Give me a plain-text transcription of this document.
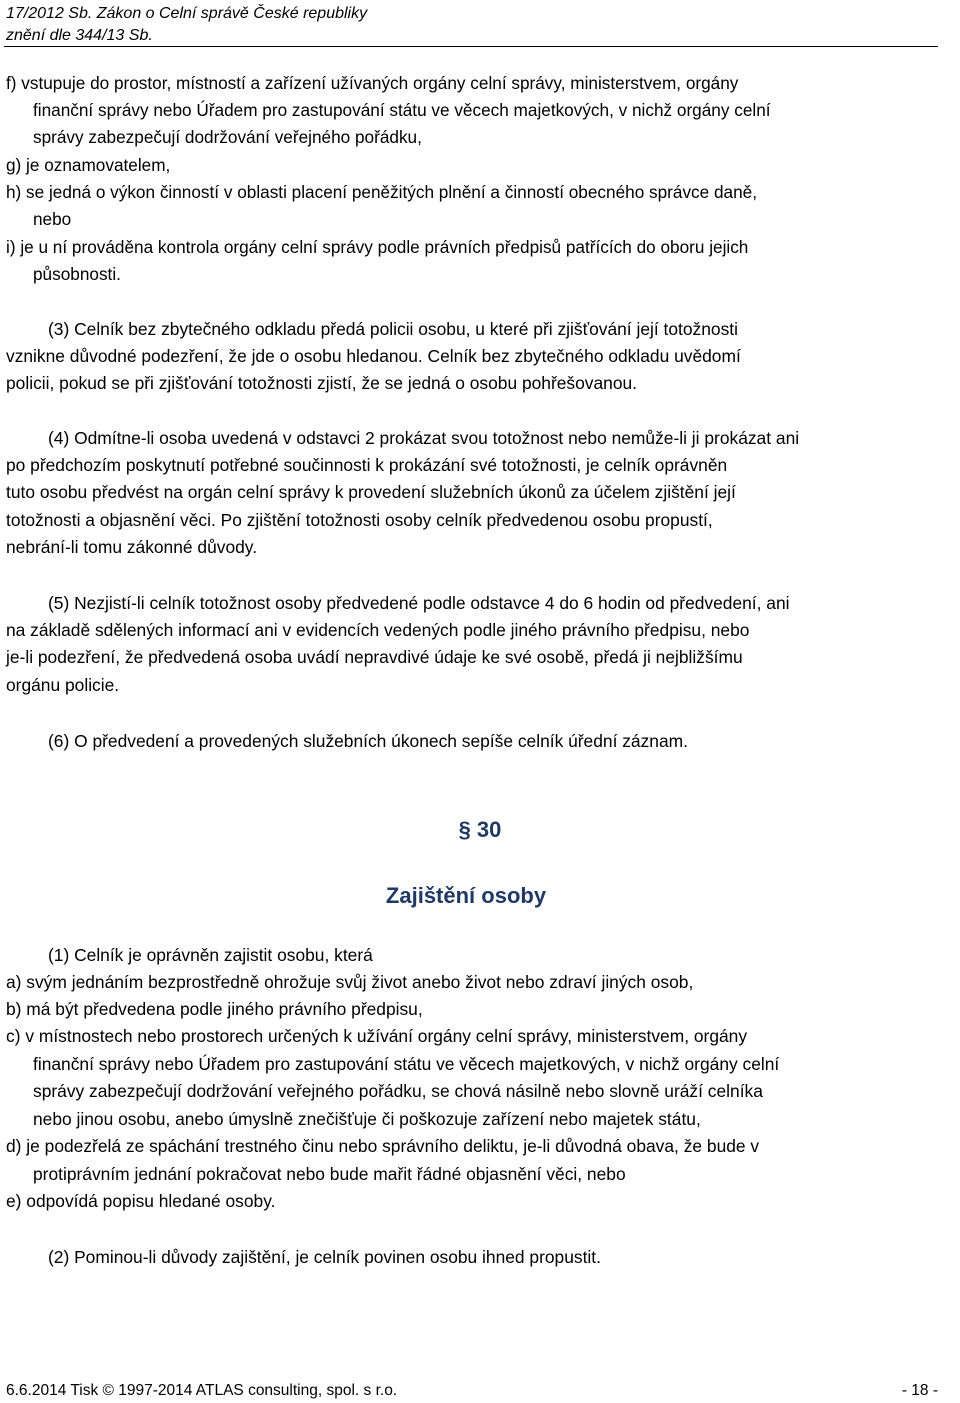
17/2012 Sb. Zákon o Celní správě České republiky
znění dle 344/13 Sb.
f) vstupuje do prostor, místností a zařízení užívaných orgány celní správy, ministerstvem, orgány
finanční správy nebo Úřadem pro zastupování státu ve věcech majetkových, v nichž orgány celní
správy zabezpečují dodržování veřejného pořádku,
g) je oznamovatelem,
h) se jedná o výkon činností v oblasti placení peněžitých plnění a činností obecného správce daně,
nebo
i) je u ní prováděna kontrola orgány celní správy podle právních předpisů patřících do oboru jejich
působnosti.
(3) Celník bez zbytečného odkladu předá policii osobu, u které při zjišťování její totožnosti
vznikne důvodné podezření, že jde o osobu hledanou. Celník bez zbytečného odkladu uvědomí
policii, pokud se při zjišťování totožnosti zjistí, že se jedná o osobu pohřešovanou.
(4) Odmítne-li osoba uvedená v odstavci 2 prokázat svou totožnost nebo nemůže-li ji prokázat ani
po předchozím poskytnutí potřebné součinnosti k prokázání své totožnosti, je celník oprávněn
tuto osobu předvést na orgán celní správy k provedení služebních úkonů za účelem zjištění její
totožnosti a objasnění věci. Po zjištění totožnosti osoby celník předvedenou osobu propustí,
nebrání-li tomu zákonné důvody.
(5) Nezjistí-li celník totožnost osoby předvedené podle odstavce 4 do 6 hodin od předvedení, ani
na základě sdělených informací ani v evidencích vedených podle jiného právního předpisu, nebo
je-li podezření, že předvedená osoba uvádí nepravdivé údaje ke své osobě, předá ji nejbližšímu
orgánu policie.
(6) O předvedení a provedených služebních úkonech sepíše celník úřední záznam.
§ 30
Zajištění osoby
(1) Celník je oprávněn zajistit osobu, která
a) svým jednáním bezprostředně ohrožuje svůj život anebo život nebo zdraví jiných osob,
b) má být předvedena podle jiného právního předpisu,
c) v místnostech nebo prostorech určených k užívání orgány celní správy, ministerstvem, orgány
finanční správy nebo Úřadem pro zastupování státu ve věcech majetkových, v nichž orgány celní
správy zabezpečují dodržování veřejného pořádku, se chová násilně nebo slovně uráží celníka
nebo jinou osobu, anebo úmyslně znečišťuje či poškozuje zařízení nebo majetek státu,
d) je podezřelá ze spáchání trestného činu nebo správního deliktu, je-li důvodná obava, že bude v
protiprávním jednání pokračovat nebo bude mařit řádné objasnění věci, nebo
e) odpovídá popisu hledané osoby.
(2) Pominou-li důvody zajištění, je celník povinen osobu ihned propustit.
6.6.2014 Tisk © 1997-2014 ATLAS consulting, spol. s r.o.	- 18 -
